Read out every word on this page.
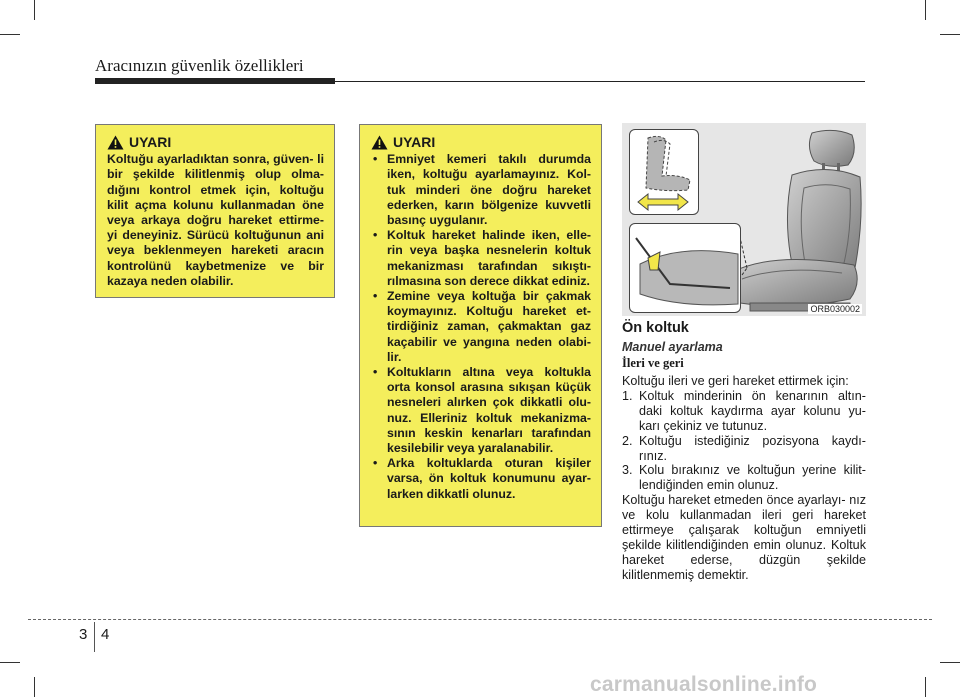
Aracınızın güvenlik özellikleri
UYARI
Koltuğu ayarladıktan sonra, güven- li bir şekilde kilitlenmiş olup olma- dığını kontrol etmek için, koltuğu kilit açma kolunu kullanmadan öne veya arkaya doğru hareket ettirme- yi deneyiniz. Sürücü koltuğunun ani veya beklenmeyen hareketi aracın kontrolünü kaybetmenize ve bir kazaya neden olabilir.
UYARI
• Emniyet kemeri takılı durumda iken, koltuğu ayarlamayınız. Kol- tuk minderi öne doğru hareket ederken, karın bölgenize kuvvetli basınç uygulanır.
• Koltuk hareket halinde iken, elle- rin veya başka nesnelerin koltuk mekanizması tarafından sıkıştı- rılmasına son derece dikkat ediniz.
• Zemine veya koltuğa bir çakmak koymayınız. Koltuğu hareket et- tirdiğiniz zaman, çakmaktan gaz kaçabilir ve yangına neden olabi- lir.
• Koltukların altına veya koltukla orta konsol arasına sıkışan küçük nesneleri alırken çok dikkatli olu- nuz. Elleriniz koltuk mekanizma- sının keskin kenarları tarafından kesilebilir veya yaralanabilir.
• Arka koltuklarda oturan kişiler varsa, ön koltuk konumunu ayar- larken dikkatli olunuz.
ORB030002
Ön koltuk
Manuel ayarlama
İleri ve geri
Koltuğu ileri ve geri hareket ettirmek için:
1. Koltuk minderinin ön kenarının altın- daki koltuk kaydırma ayar kolunu yu- karı çekiniz ve tutunuz.
2. Koltuğu istediğiniz pozisyona kaydı- rınız.
3. Kolu bırakınız ve koltuğun yerine kilit- lendiğinden emin olunuz.
Koltuğu hareket etmeden önce ayarlayı- nız ve kolu kullanmadan ileri geri hareket ettirmeye çalışarak koltuğun emniyetli şekilde kilitlendiğinden emin olunuz. Koltuk hareket ederse, düzgün şekilde kilitlenmemiş demektir.
3 4
carmanualsonline.info
